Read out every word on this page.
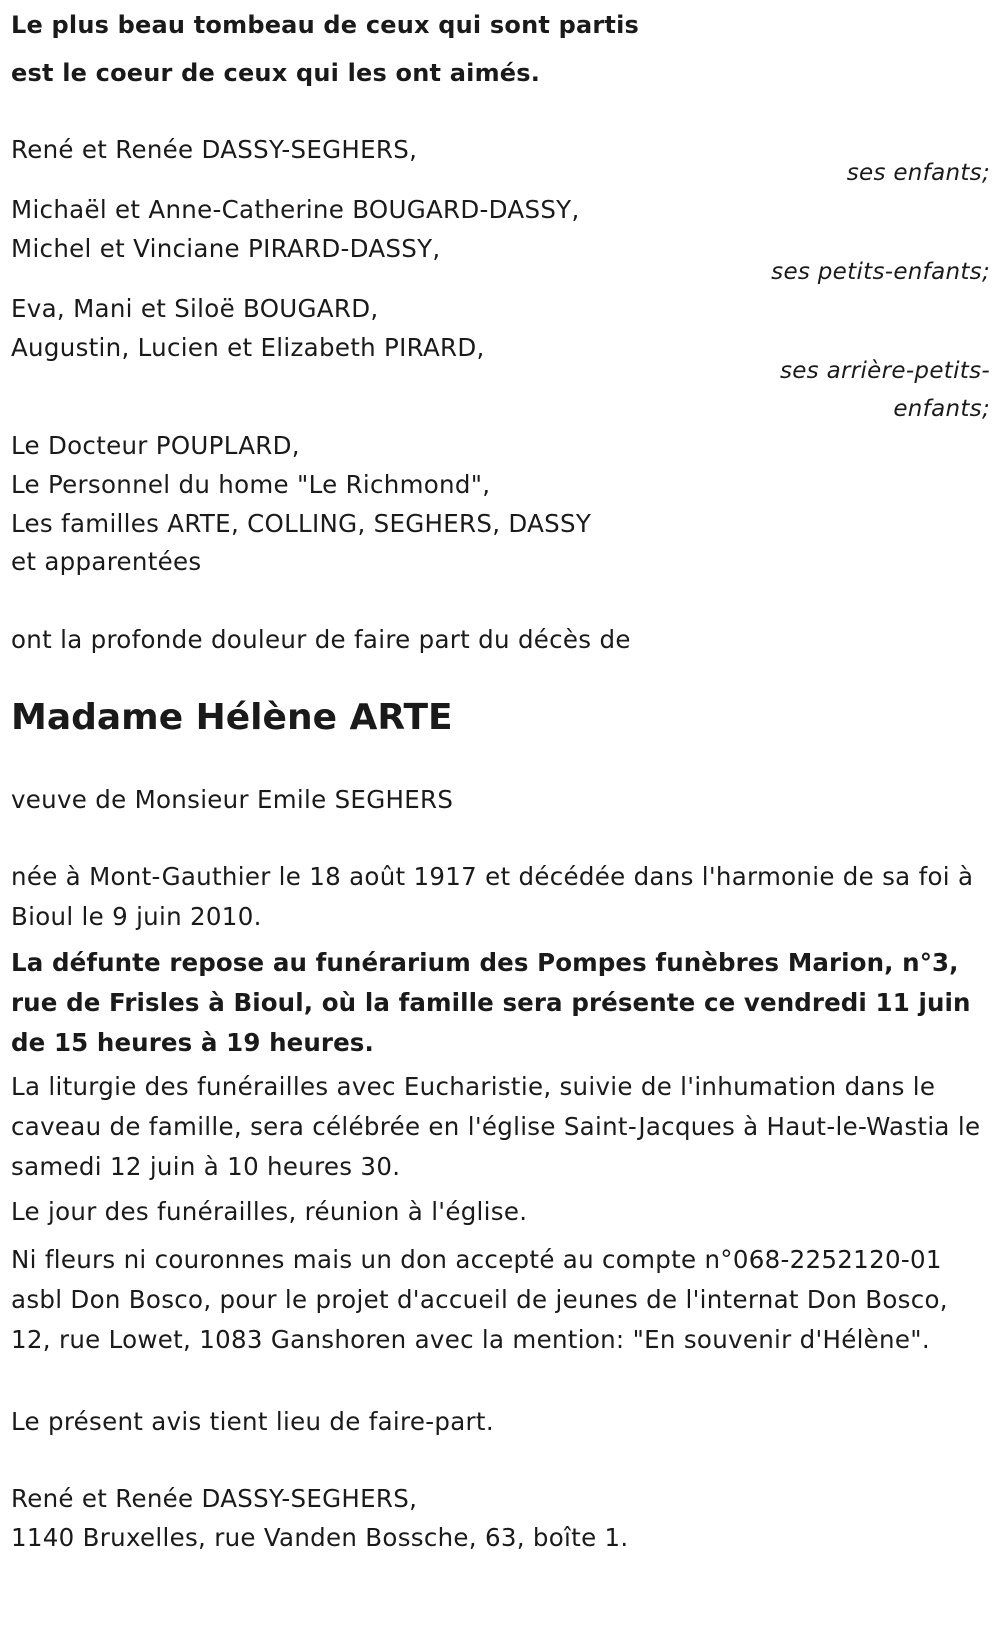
Le plus beau tombeau de ceux qui sont partis
est le coeur de ceux qui les ont aimés.
René et Renée DASSY-SEGHERS,
ses enfants;
Michaël et Anne-Catherine BOUGARD-DASSY,
Michel et Vinciane PIRARD-DASSY,
ses petits-enfants;
Eva, Mani et Siloë BOUGARD,
Augustin, Lucien et Elizabeth PIRARD,
ses arrière-petits-
enfants;
Le Docteur POUPLARD,
Le Personnel du home "Le Richmond",
Les familles ARTE, COLLING, SEGHERS, DASSY
et apparentées
ont la profonde douleur de faire part du décès de
Madame Hélène ARTE
veuve de Monsieur Emile SEGHERS
née à Mont-Gauthier le 18 août 1917 et décédée dans l'harmonie de sa foi à Bioul le 9 juin 2010.
La défunte repose au funérarium des Pompes funèbres Marion, n°3, rue de Frisles à Bioul, où la famille sera présente ce vendredi 11 juin de 15 heures à 19 heures.
La liturgie des funérailles avec Eucharistie, suivie de l'inhumation dans le caveau de famille, sera célébrée en l'église Saint-Jacques à Haut-le-Wastia le samedi 12 juin à 10 heures 30.
Le jour des funérailles, réunion à l'église.
Ni fleurs ni couronnes mais un don accepté au compte n°068-2252120-01 asbl Don Bosco, pour le projet d'accueil de jeunes de l'internat Don Bosco, 12, rue Lowet, 1083 Ganshoren avec la mention: "En souvenir d'Hélène".
Le présent avis tient lieu de faire-part.
René et Renée DASSY-SEGHERS,
1140 Bruxelles, rue Vanden Bossche, 63, boîte 1.
